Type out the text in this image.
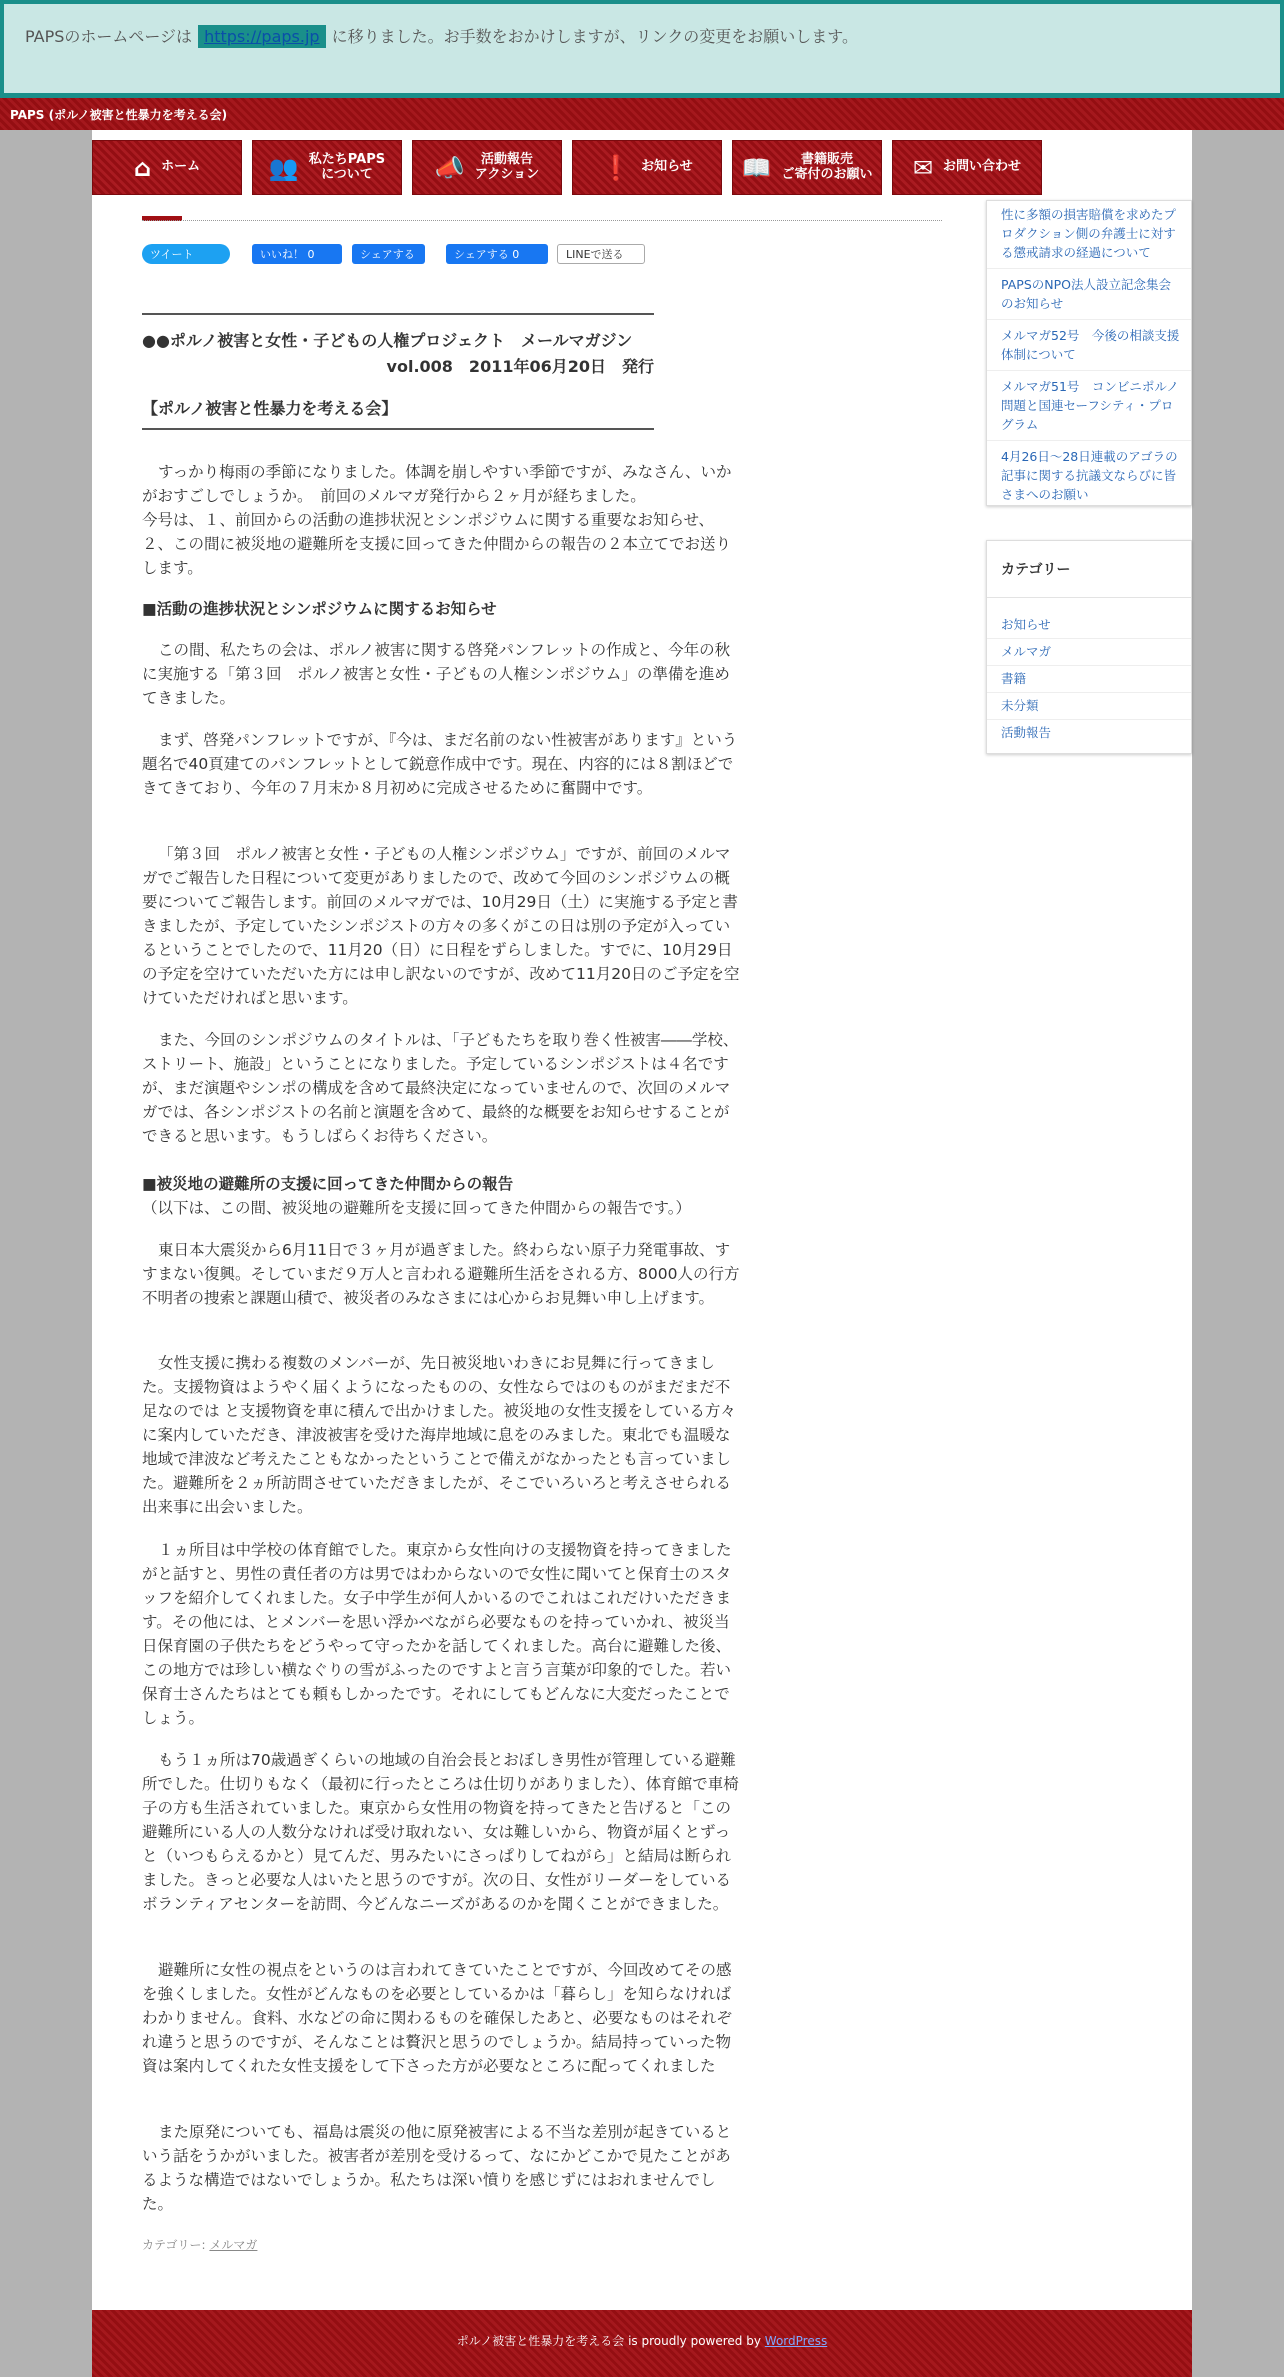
PAPSのホームページは https://paps.jp に移りました。お手数をおかけしますが、リンクの変更をお願いします。
PAPS (ポルノ被害と性暴力を考える会)
⌂ ホーム	👥 私たちPAPS
について	📣	活動報告
アクション	❗ お知らせ 📖	書籍販売
ご寄付のお願い ✉ お問い合わせ
ツイート	いいね！ 0	シェアする	シェアする 0	LINEで送る
●●ポルノ被害と女性・子どもの人権プロジェクト　メールマガジン
vol.008　2011年06月20日　発行
【ポルノ被害と性暴力を考える会】
すっかり梅雨の季節になりました。体調を崩しやすい季節ですが、みなさん、いかがおすごしでしょうか。　前回のメルマガ発行から２ヶ月が経ちました。
今号は、１、前回からの活動の進捗状況とシンポジウムに関する重要なお知らせ、２、この間に被災地の避難所を支援に回ってきた仲間からの報告の２本立てでお送りします。
■活動の進捗状況とシンポジウムに関するお知らせ
この間、私たちの会は、ポルノ被害に関する啓発パンフレットの作成と、今年の秋に実施する「第３回　ポルノ被害と女性・子どもの人権シンポジウム」の準備を進めてきました。
まず、啓発パンフレットですが、『今は、まだ名前のない性被害があります』という題名で40頁建てのパンフレットとして鋭意作成中です。現在、内容的には８割ほどできてきており、今年の７月末か８月初めに完成させるために奮闘中です。
「第３回　ポルノ被害と女性・子どもの人権シンポジウム」ですが、前回のメルマガでご報告した日程について変更がありましたので、改めて今回のシンポジウムの概要についてご報告します。前回のメルマガでは、10月29日（土）に実施する予定と書きましたが、予定していたシンポジストの方々の多くがこの日は別の予定が入っているということでしたので、11月20（日）に日程をずらしました。すでに、10月29日の予定を空けていただいた方には申し訳ないのですが、改めて11月20日のご予定を空けていただければと思います。
また、今回のシンポジウムのタイトルは、「子どもたちを取り巻く性被害――学校、ストリート、施設」ということになりました。予定しているシンポジストは４名ですが、まだ演題やシンポの構成を含めて最終決定になっていませんので、次回のメルマガでは、各シンポジストの名前と演題を含めて、最終的な概要をお知らせすることができると思います。もうしばらくお待ちください。
■被災地の避難所の支援に回ってきた仲間からの報告
（以下は、この間、被災地の避難所を支援に回ってきた仲間からの報告です。）
東日本大震災から6月11日で３ヶ月が過ぎました。終わらない原子力発電事故、すすまない復興。そしていまだ９万人と言われる避難所生活をされる方、8000人の行方不明者の捜索と課題山積で、被災者のみなさまには心からお見舞い申し上げます。
女性支援に携わる複数のメンバーが、先日被災地いわきにお見舞に行ってきました。支援物資はようやく届くようになったものの、女性ならではのものがまだまだ不足なのでは と支援物資を車に積んで出かけました。被災地の女性支援をしている方々に案内していただき、津波被害を受けた海岸地域に息をのみました。東北でも温暖な地域で津波など考えたこともなかったということで備えがなかったとも言っていました。避難所を２ヵ所訪問させていただきましたが、そこでいろいろと考えさせられる出来事に出会いました。
１ヵ所目は中学校の体育館でした。東京から女性向けの支援物資を持ってきましたがと話すと、男性の責任者の方は男ではわからないので女性に聞いてと保育士のスタッフを紹介してくれました。女子中学生が何人かいるのでこれはこれだけいただきます。その他には、とメンバーを思い浮かべながら必要なものを持っていかれ、被災当日保育園の子供たちをどうやって守ったかを話してくれました。高台に避難した後、この地方では珍しい横なぐりの雪がふったのですよと言う言葉が印象的でした。若い保育士さんたちはとても頼もしかったです。それにしてもどんなに大変だったことでしょう。
もう１ヵ所は70歳過ぎくらいの地域の自治会長とおぼしき男性が管理している避難所でした。仕切りもなく（最初に行ったところは仕切りがありました）、体育館で車椅子の方も生活されていました。東京から女性用の物資を持ってきたと告げると「この避難所にいる人の人数分なければ受け取れない、女は難しいから、物資が届くとずっと（いつもらえるかと）見てんだ、男みたいにさっぱりしてねがら」と結局は断られました。きっと必要な人はいたと思うのですが。次の日、女性がリーダーをしているボランティアセンターを訪問、今どんなニーズがあるのかを聞くことができました。
避難所に女性の視点をというのは言われてきていたことですが、今回改めてその感を強くしました。女性がどんなものを必要としているかは「暮らし」を知らなければわかりません。食料、水などの命に関わるものを確保したあと、必要なものはそれぞれ違うと思うのですが、そんなことは贅沢と思うのでしょうか。結局持っていった物資は案内してくれた女性支援をして下さった方が必要なところに配ってくれました
また原発についても、福島は震災の他に原発被害による不当な差別が起きているという話をうかがいました。被害者が差別を受けるって、なにかどこかで見たことがあるような構造ではないでしょうか。私たちは深い憤りを感じずにはおれませんでした。
カテゴリー: メルマガ
性に多額の損害賠償を求めたプロダクション側の弁護士に対する懲戒請求の経過について
PAPSのNPO法人設立記念集会のお知らせ
メルマガ52号　今後の相談支援体制について
メルマガ51号　コンビニポルノ問題と国連セーフシティ・プログラム
4月26日〜28日連載のアゴラの記事に関する抗議文ならびに皆さまへのお願い
カテゴリー
お知らせ
メルマガ
書籍
未分類
活動報告
ポルノ被害と性暴力を考える会 is proudly powered by WordPress
